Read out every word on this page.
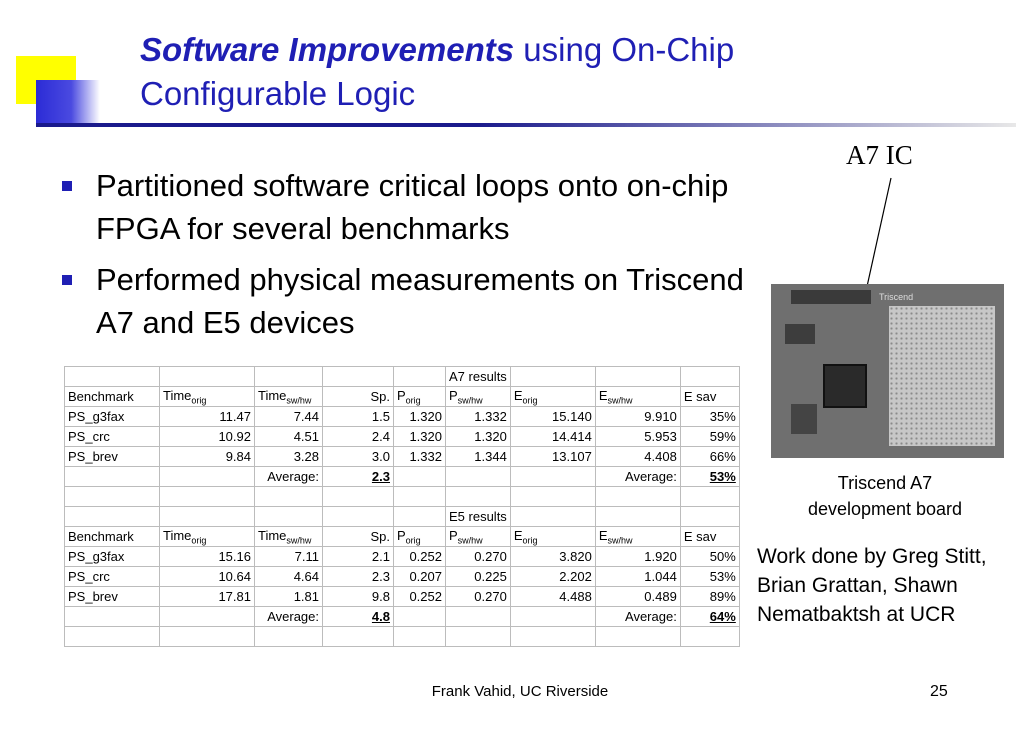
Software Improvements using On-Chip Configurable Logic
Partitioned software critical loops onto on-chip FPGA for several benchmarks
Performed physical measurements on Triscend A7 and E5 devices
A7 IC
Triscend
Triscend A7
development board
Work done by Greg Stitt, Brian Grattan, Shawn Nematbaktsh at UCR
					A7 results			
Benchmark	Time$_{orig}$	Time$_{sw/hw}$	Sp.	$P_{orig}$	$P_{sw/hw}$	$E_{orig}$	$E_{sw/hw}$	E sav
PS_g3fax	11.47	7.44	1.5	1.320	1.332	15.140	9.910	35%
PS_crc	10.92	4.51	2.4	1.320	1.320	14.414	5.953	59%
PS_brev	9.84	3.28	3.0	1.332	1.344	13.107	4.408	66%
		Average:	2.3				Average:	53%

					E5 results			
Benchmark	Time$_{orig}$	Time$_{sw/hw}$	Sp.	$P_{orig}$	$P_{sw/hw}$	$E_{orig}$	$E_{sw/hw}$	E sav
PS_g3fax	15.16	7.11	2.1	0.252	0.270	3.820	1.920	50%
PS_crc	10.64	4.64	2.3	0.207	0.225	2.202	1.044	53%
PS_brev	17.81	1.81	9.8	0.252	0.270	4.488	0.489	89%
		Average:	4.8				Average:	64%

Frank Vahid, UC Riverside	25
